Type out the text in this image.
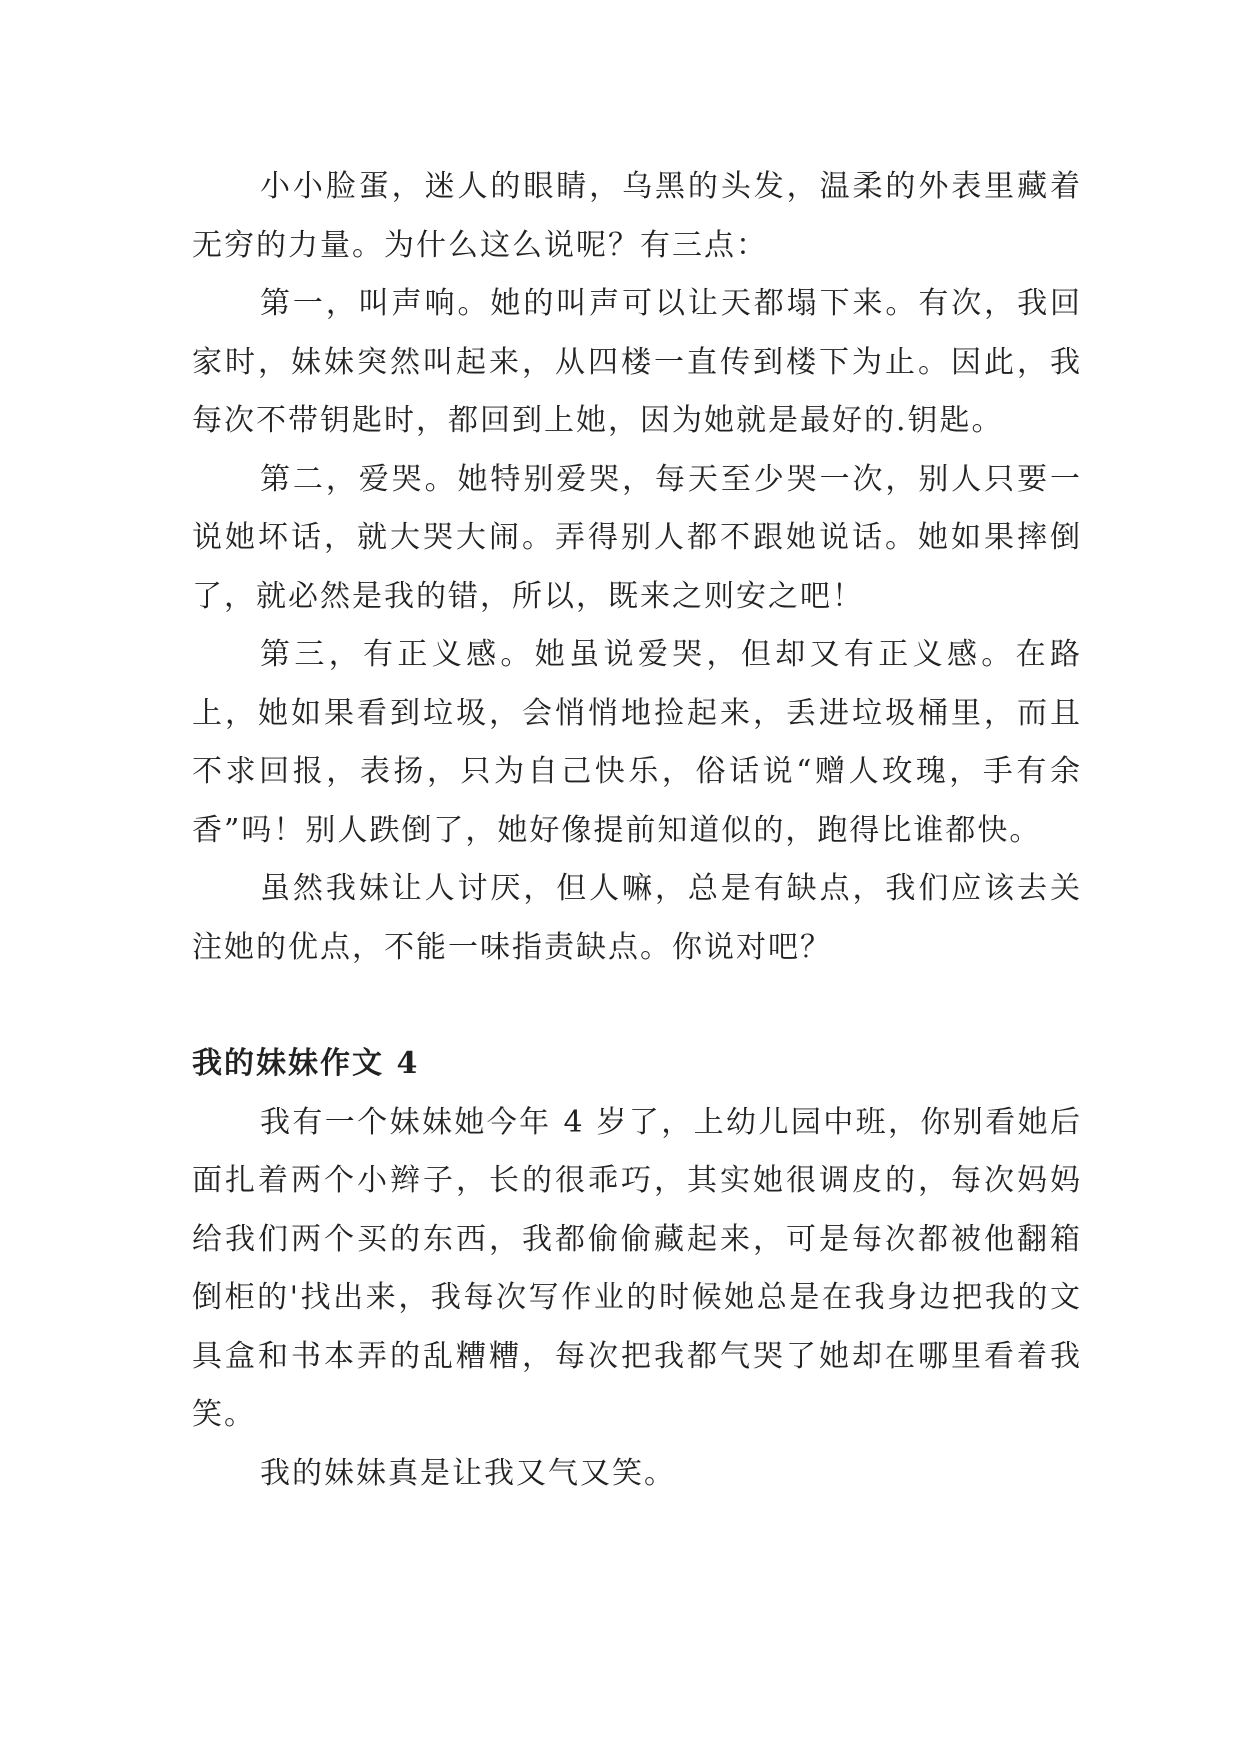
小小脸蛋，迷人的眼睛，乌黑的头发，温柔的外表里藏着无穷的力量。为什么这么说呢？有三点：

第一，叫声响。她的叫声可以让天都塌下来。有次，我回家时，妹妹突然叫起来，从四楼一直传到楼下为止。因此，我每次不带钥匙时，都回到上她，因为她就是最好的.钥匙。

第二，爱哭。她特别爱哭，每天至少哭一次，别人只要一说她坏话，就大哭大闹。弄得别人都不跟她说话。她如果摔倒了，就必然是我的错，所以，既来之则安之吧！

第三，有正义感。她虽说爱哭，但却又有正义感。在路上，她如果看到垃圾，会悄悄地捡起来，丢进垃圾桶里，而且不求回报，表扬，只为自己快乐，俗话说“赠人玫瑰，手有余香”吗！别人跌倒了，她好像提前知道似的，跑得比谁都快。

虽然我妹让人讨厌，但人嘛，总是有缺点，我们应该去关注她的优点，不能一味指责缺点。你说对吧？

我的妹妹作文 4

我有一个妹妹她今年 4 岁了，上幼儿园中班，你别看她后面扎着两个小辫子，长的很乖巧，其实她很调皮的，每次妈妈给我们两个买的东西，我都偷偷藏起来，可是每次都被他翻箱倒柜的'找出来，我每次写作业的时候她总是在我身边把我的文具盒和书本弄的乱糟糟，每次把我都气哭了她却在哪里看着我笑。

我的妹妹真是让我又气又笑。
